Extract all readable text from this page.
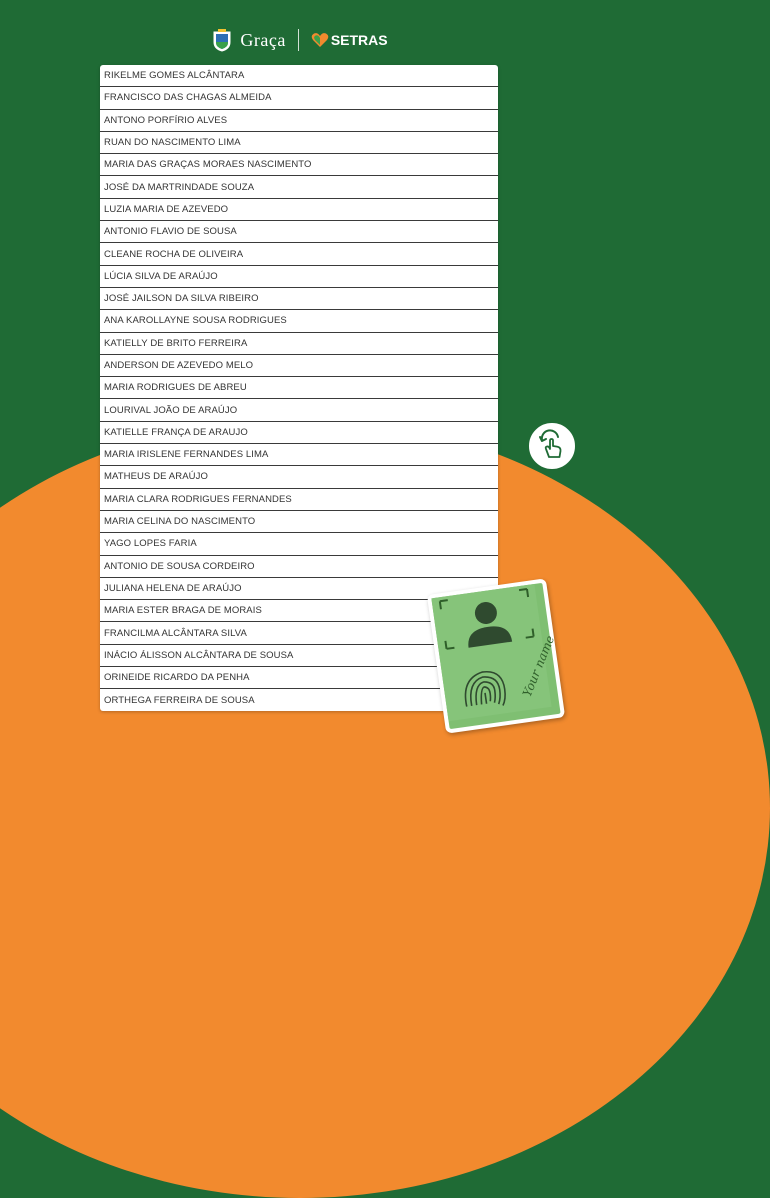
Graça	SETRAS
RIKELME GOMES ALCÂNTARA
FRANCISCO DAS CHAGAS ALMEIDA
ANTONO PORFÍRIO ALVES
RUAN DO NASCIMENTO LIMA
MARIA DAS GRAÇAS MORAES NASCIMENTO
JOSÉ DA MARTRINDADE SOUZA
LUZIA MARIA DE AZEVEDO
ANTONIO FLAVIO DE SOUSA
CLEANE ROCHA DE OLIVEIRA
LÚCIA SILVA DE ARAÚJO
JOSÉ JAILSON DA SILVA RIBEIRO
ANA KAROLLAYNE SOUSA RODRIGUES
KATIELLY DE BRITO FERREIRA
ANDERSON DE AZEVEDO MELO
MARIA RODRIGUES DE ABREU
LOURIVAL JOÃO DE ARAÚJO
KATIELLE FRANÇA DE ARAUJO
MARIA IRISLENE FERNANDES LIMA
MATHEUS DE ARAÚJO
MARIA CLARA RODRIGUES FERNANDES
MARIA CELINA DO NASCIMENTO
YAGO LOPES FARIA
ANTONIO DE SOUSA CORDEIRO
JULIANA HELENA DE ARAÚJO
MARIA ESTER BRAGA DE MORAIS
FRANCILMA ALCÂNTARA SILVA
INÁCIO ÁLISSON ALCÂNTARA DE SOUSA
ORINEIDE RICARDO DA PENHA
ORTHEGA FERREIRA DE SOUSA
Your name
